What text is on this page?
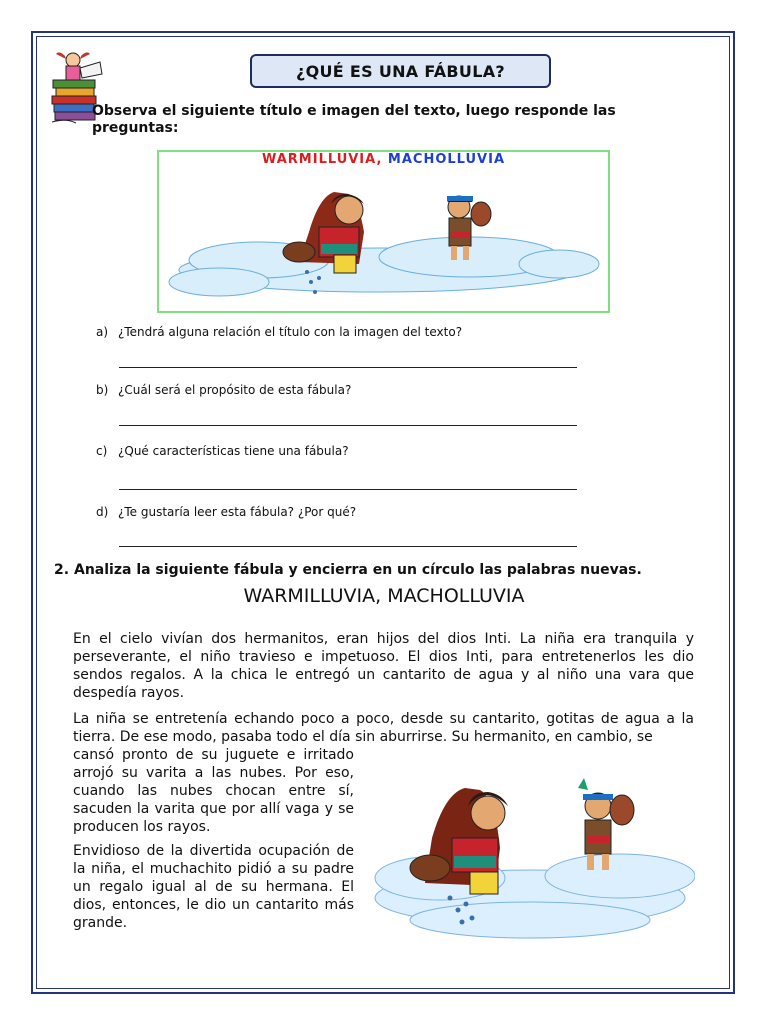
¿QUÉ ES UNA FÁBULA?
Observa el siguiente título e imagen del texto, luego responde las preguntas:
WARMILLUVIA, MACHOLLUVIA
a) ¿Tendrá alguna relación el título con la imagen del texto?
b) ¿Cuál será el propósito de esta fábula?
c) ¿Qué características tiene una fábula?
d) ¿Te gustaría leer esta fábula? ¿Por qué?
2. Analiza la siguiente fábula y encierra en un círculo las palabras nuevas.
WARMILLUVIA, MACHOLLUVIA
En el cielo vivían dos hermanitos, eran hijos del dios Inti. La niña era tranquila y perseverante, el niño travieso e impetuoso. El dios Inti, para entretenerlos les dio sendos regalos. A la chica le entregó un cantarito de agua y al niño una vara que despedía rayos.
La niña se entretenía echando poco a poco, desde su cantarito, gotitas de agua a la tierra. De ese modo, pasaba todo el día sin aburrirse. Su hermanito, en cambio, se
cansó pronto de su juguete e irritado arrojó su varita a las nubes. Por eso, cuando las nubes chocan entre sí, sacuden la varita que por allí vaga y se producen los rayos.
Envidioso de la divertida ocupación de la niña, el muchachito pidió a su padre un regalo igual al de su hermana. El dios, entonces, le dio un cantarito más grande.
